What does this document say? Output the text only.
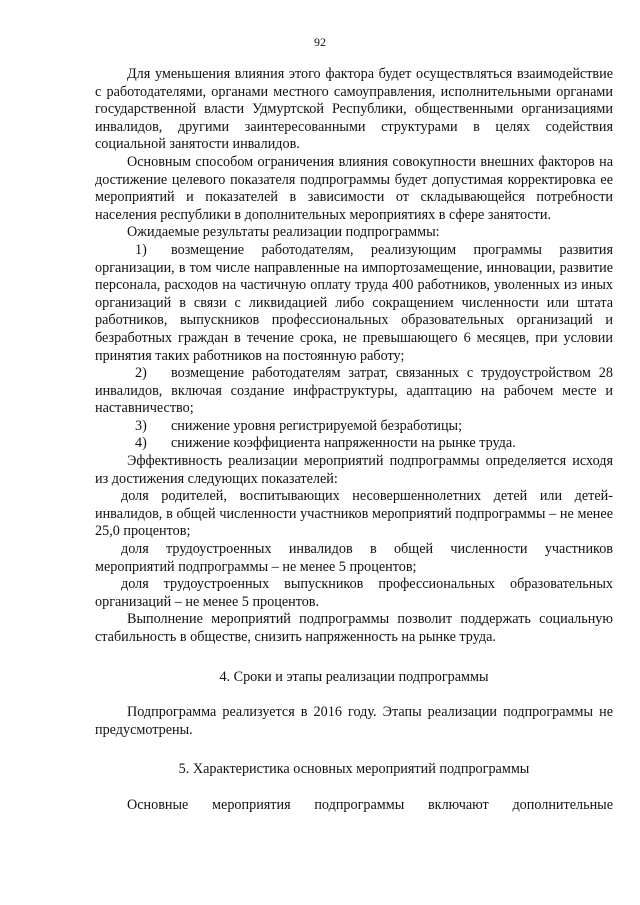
92

Для уменьшения влияния этого фактора будет осуществляться взаимодействие с работодателями, органами местного самоуправления, исполнительными органами государственной власти Удмуртской Республики, общественными организациями инвалидов, другими заинтересованными структурами в целях содействия социальной занятости инвалидов.

Основным способом ограничения влияния совокупности внешних факторов на достижение целевого показателя подпрограммы будет допустимая корректировка ее мероприятий и показателей в зависимости от складывающейся потребности населения республики в дополнительных мероприятиях в сфере занятости.

Ожидаемые результаты реализации подпрограммы:

1) возмещение работодателям, реализующим программы развития организации, в том числе направленные на импортозамещение, инновации, развитие персонала, расходов на частичную оплату труда 400 работников, уволенных из иных организаций в связи с ликвидацией либо сокращением численности или штата работников, выпускников профессиональных образовательных организаций и безработных граждан в течение срока, не превышающего 6 месяцев, при условии принятия таких работников на постоянную работу;

2) возмещение работодателям затрат, связанных с трудоустройством 28 инвалидов, включая создание инфраструктуры, адаптацию на рабочем месте и наставничество;

3) снижение уровня регистрируемой безработицы;

4) снижение коэффициента напряженности на рынке труда.

Эффективность реализации мероприятий подпрограммы определяется исходя из достижения следующих показателей:

доля родителей, воспитывающих несовершеннолетних детей или детей-инвалидов, в общей численности участников мероприятий подпрограммы – не менее 25,0 процентов;

доля трудоустроенных инвалидов в общей численности участников мероприятий подпрограммы – не менее 5 процентов;

доля трудоустроенных выпускников профессиональных образовательных организаций – не менее 5 процентов.

Выполнение мероприятий подпрограммы позволит поддержать социальную стабильность в обществе, снизить напряженность на рынке труда.

4. Сроки и этапы реализации подпрограммы

Подпрограмма реализуется в 2016 году. Этапы реализации подпрограммы не предусмотрены.

5. Характеристика основных мероприятий подпрограммы

Основные мероприятия подпрограммы включают дополнительные
